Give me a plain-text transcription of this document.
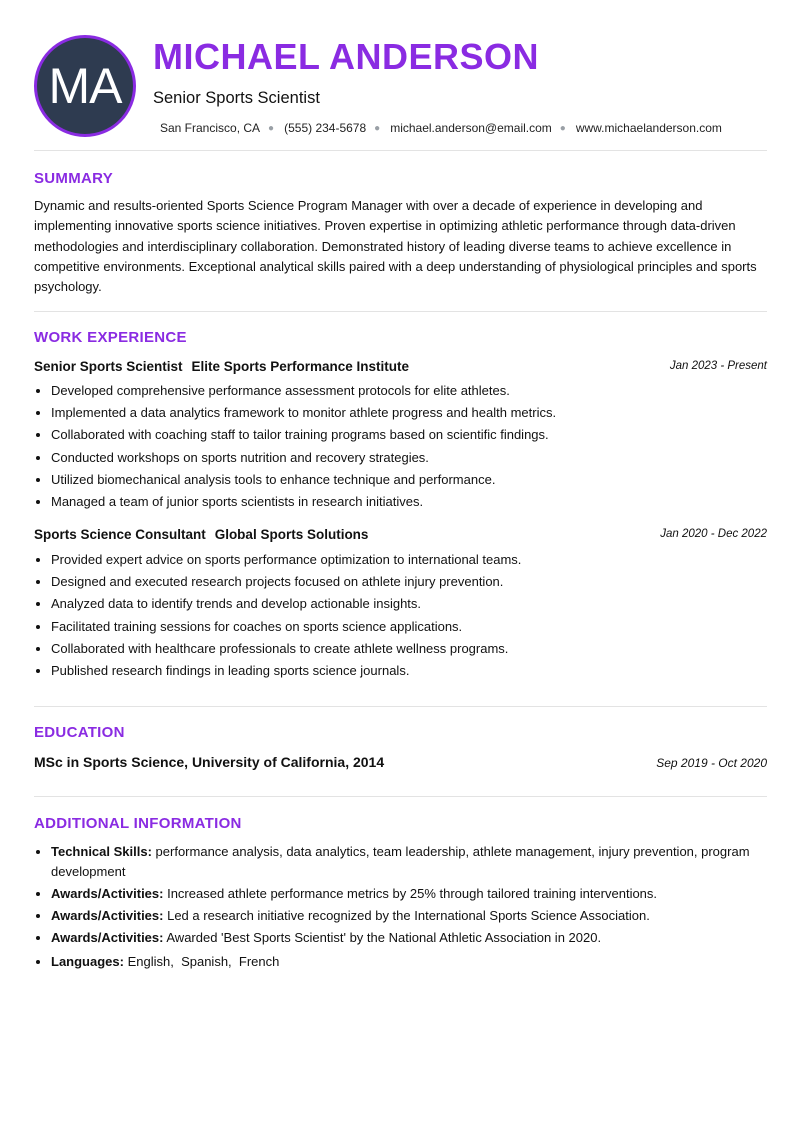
MA
MICHAEL ANDERSON
Senior Sports Scientist
San Francisco, CA ● (555) 234-5678 ● michael.anderson@email.com ● www.michaelanderson.com
SUMMARY

Dynamic and results-oriented Sports Science Program Manager with over a decade of experience in developing and implementing innovative sports science initiatives. Proven expertise in optimizing athletic performance through data-driven methodologies and interdisciplinary collaboration. Demonstrated history of leading diverse teams to achieve excellence in competitive environments. Exceptional analytical skills paired with a deep understanding of physiological principles and sports psychology.

WORK EXPERIENCE
Senior Sports Scientist Elite Sports Performance Institute	Jan 2023 - Present
• Developed comprehensive performance assessment protocols for elite athletes.
• Implemented a data analytics framework to monitor athlete progress and health metrics.
• Collaborated with coaching staff to tailor training programs based on scientific findings.
• Conducted workshops on sports nutrition and recovery strategies.
• Utilized biomechanical analysis tools to enhance technique and performance.
• Managed a team of junior sports scientists in research initiatives.
Sports Science Consultant Global Sports Solutions	Jan 2020 - Dec 2022
• Provided expert advice on sports performance optimization to international teams.
• Designed and executed research projects focused on athlete injury prevention.
• Analyzed data to identify trends and develop actionable insights.
• Facilitated training sessions for coaches on sports science applications.
• Collaborated with healthcare professionals to create athlete wellness programs.
• Published research findings in leading sports science journals.
EDUCATION
MSc in Sports Science, University of California, 2014	Sep 2019 - Oct 2020
ADDITIONAL INFORMATION
• Technical Skills: performance analysis, data analytics, team leadership, athlete management, injury prevention, program development
• Awards/Activities: Increased athlete performance metrics by 25% through tailored training interventions.
• Awards/Activities: Led a research initiative recognized by the International Sports Science Association.
• Awards/Activities: Awarded 'Best Sports Scientist' by the National Athletic Association in 2020.
• Languages: English,  Spanish,  French
